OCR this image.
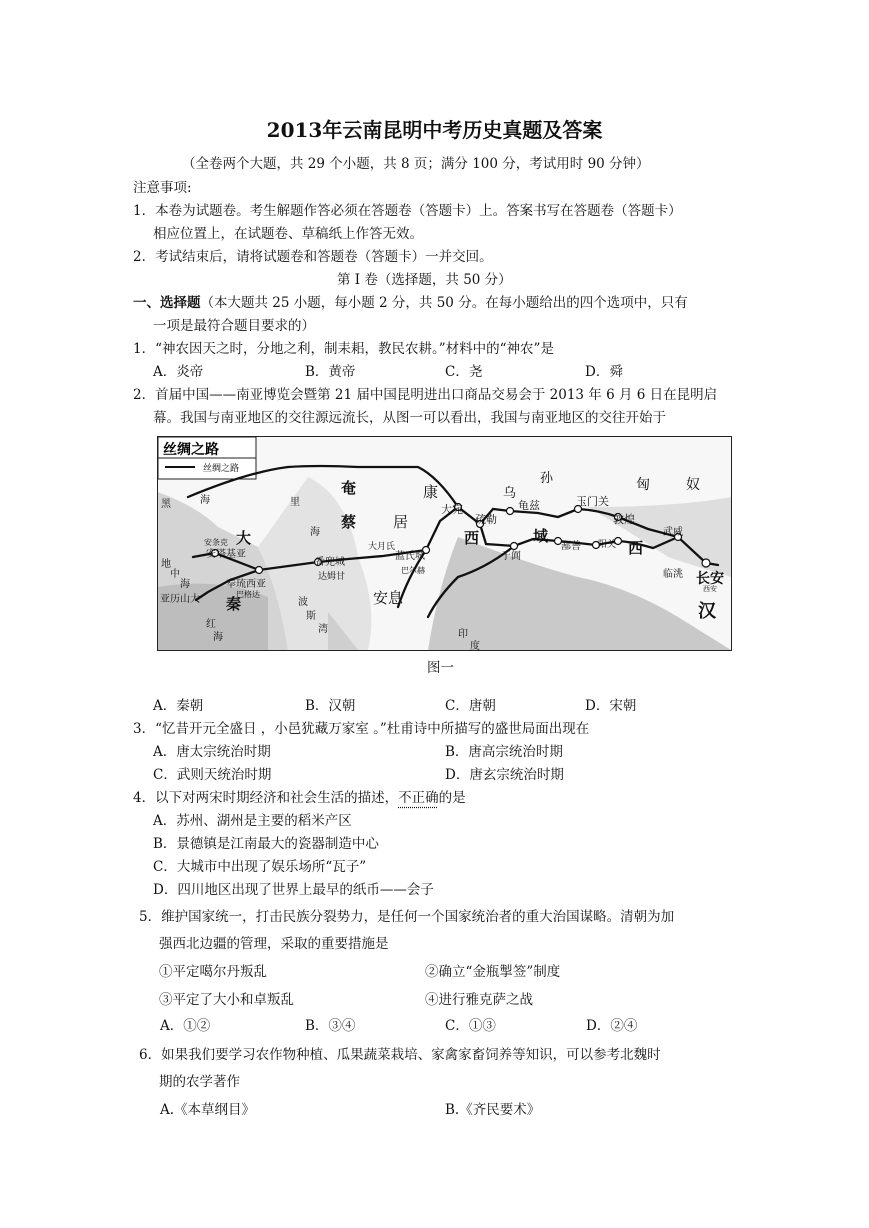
2013年云南昆明中考历史真题及答案
（全卷两个大题，共 29 个小题，共 8 页；满分 100 分，考试用时 90 分钟）
注意事项:
1．本卷为试题卷。考生解题作答必须在答题卷（答题卡）上。答案书写在答题卷（答题卡）
相应位置上，在试题卷、草稿纸上作答无效。
2．考试结束后，请将试题卷和答题卷（答题卡）一并交回。
第 I 卷（选择题，共 50 分）
一、选择题（本大题共 25 小题，每小题 2 分，共 50 分。在每小题给出的四个选项中，只有
一项是最符合题目要求的）
1．“神农因天之时，分地之利，制耒耜，教民农耕。”材料中的“神农”是
A．炎帝	B．黄帝	C．尧	D．舜
2．首届中国——南亚博览会暨第 21 届中国昆明进出口商品交易会于 2013 年 6 月 6 日在昆明启
幕。我国与南亚地区的交往源远流长，从图一可以看出，我国与南亚地区的交往开始于
丝绸之路
丝绸之路
奄
蔡 居
康	乌
孙	匈	奴
大宛
疏勒
龟兹	玉门关
敦煌
阳关
鄯善
于阗
西	域
西
武威
临洮 长安
西安
汉
安息
大月氏
蓝氏城
巴尔赫
番兜城
达姆甘
大
秦
安塔基亚
安条克
奉琉西亚
巴格达
亚历山大
黑	海	里
海
波
斯
湾
红
海
地
中
海
印
度
图一
A．秦朝	B．汉朝	C．唐朝	D．宋朝
3．“忆昔开元全盛日 ，小邑犹藏万家室 。”杜甫诗中所描写的盛世局面出现在
A．唐太宗统治时期	B．唐高宗统治时期
C．武则天统治时期	D．唐玄宗统治时期
4．以下对两宋时期经济和社会生活的描述，不正确的是
A．苏州、湖州是主要的稻米产区
B．景德镇是江南最大的瓷器制造中心
C．大城市中出现了娱乐场所“瓦子”
D．四川地区出现了世界上最早的纸币——会子
5．维护国家统一，打击民族分裂势力，是任何一个国家统治者的重大治国谋略。清朝为加
强西北边疆的管理，采取的重要措施是
①平定噶尔丹叛乱	②确立“金瓶掣签”制度
③平定了大小和卓叛乱	④进行雅克萨之战
A．①②	B．③④	C．①③	D．②④
6．如果我们要学习农作物种植、瓜果蔬菜栽培、家禽家畜饲养等知识，可以参考北魏时
期的农学著作
A.《本草纲目》	B.《齐民要术》
